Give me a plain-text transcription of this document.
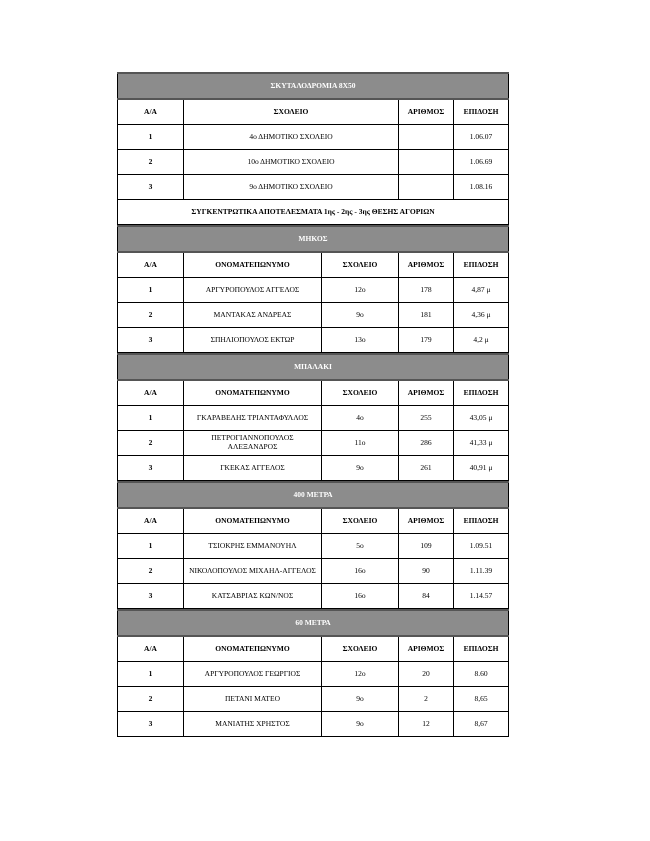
ΣΚΥΤΑΛΟΔΡΟΜΙΑ 8Χ50			
Α/Α	ΣΧΟΛΕΙΟ	ΑΡΙΘΜΟΣ	ΕΠΙΔΟΣΗ
1	4ο ΔΗΜΟΤΙΚΟ ΣΧΟΛΕΙΟ		1.06.07
2	10ο ΔΗΜΟΤΙΚΟ ΣΧΟΛΕΙΟ		1.06.69
3	9ο ΔΗΜΟΤΙΚΟ ΣΧΟΛΕΙΟ		1.08.16
ΣΥΓΚΕΝΤΡΩΤΙΚΑ ΑΠΟΤΕΛΕΣΜΑΤΑ 1ης - 2ης - 3ης ΘΕΣΗΣ ΑΓΟΡΙΩΝ			
ΜΗΚΟΣ				
Α/Α	ΟΝΟΜΑΤΕΠΩΝΥΜΟ	ΣΧΟΛΕΙΟ	ΑΡΙΘΜΟΣ	ΕΠΙΔΟΣΗ
1	ΑΡΓΥΡΟΠΟΥΛΟΣ ΑΓΓΕΛΟΣ	12ο	178	4,87 μ
2	ΜΑΝΤΑΚΑΣ ΑΝΔΡΕΑΣ	9ο	181	4,36 μ
3	ΣΠΗΛΙΟΠΟΥΛΟΣ ΕΚΤΩΡ	13ο	179	4,2 μ
ΜΠΑΛΑΚΙ				
Α/Α	ΟΝΟΜΑΤΕΠΩΝΥΜΟ	ΣΧΟΛΕΙΟ	ΑΡΙΘΜΟΣ	ΕΠΙΔΟΣΗ
1	ΓΚΑΡΑΒΕΛΗΣ ΤΡΙΑΝΤΑΦΥΛΛΟΣ	4ο	255	43,05 μ
2	ΠΕΤΡΟΓΙΑΝΝΟΠΟΥΛΟΣ ΑΛΕΞΑΝΔΡΟΣ	11ο	286	41,33 μ
3	ΓΚΕΚΑΣ ΑΓΓΕΛΟΣ	9ο	261	40,91 μ
400 ΜΕΤΡΑ				
Α/Α	ΟΝΟΜΑΤΕΠΩΝΥΜΟ	ΣΧΟΛΕΙΟ	ΑΡΙΘΜΟΣ	ΕΠΙΔΟΣΗ
1	ΤΣΙΟΚΡΗΣ ΕΜΜΑΝΟΥΗΛ	5ο	109	1.09.51
2	ΝΙΚΟΛΟΠΟΥΛΟΣ ΜΙΧΑΗΛ-ΑΓΓΕΛΟΣ	16ο	90	1.11.39
3	ΚΑΤΣΑΒΡΙΑΣ ΚΩΝ/ΝΟΣ	16ο	84	1.14.57
60 ΜΕΤΡΑ				
Α/Α	ΟΝΟΜΑΤΕΠΩΝΥΜΟ	ΣΧΟΛΕΙΟ	ΑΡΙΘΜΟΣ	ΕΠΙΔΟΣΗ
1	ΑΡΓΥΡΟΠΟΥΛΟΣ ΓΕΩΡΓΙΟΣ	12ο	20	8.60
2	ΠΕΤΑΝΙ ΜΑΤΕΟ	9ο	2	8,65
3	ΜΑΝΙΑΤΗΣ ΧΡΗΣΤΟΣ	9ο	12	8,67
